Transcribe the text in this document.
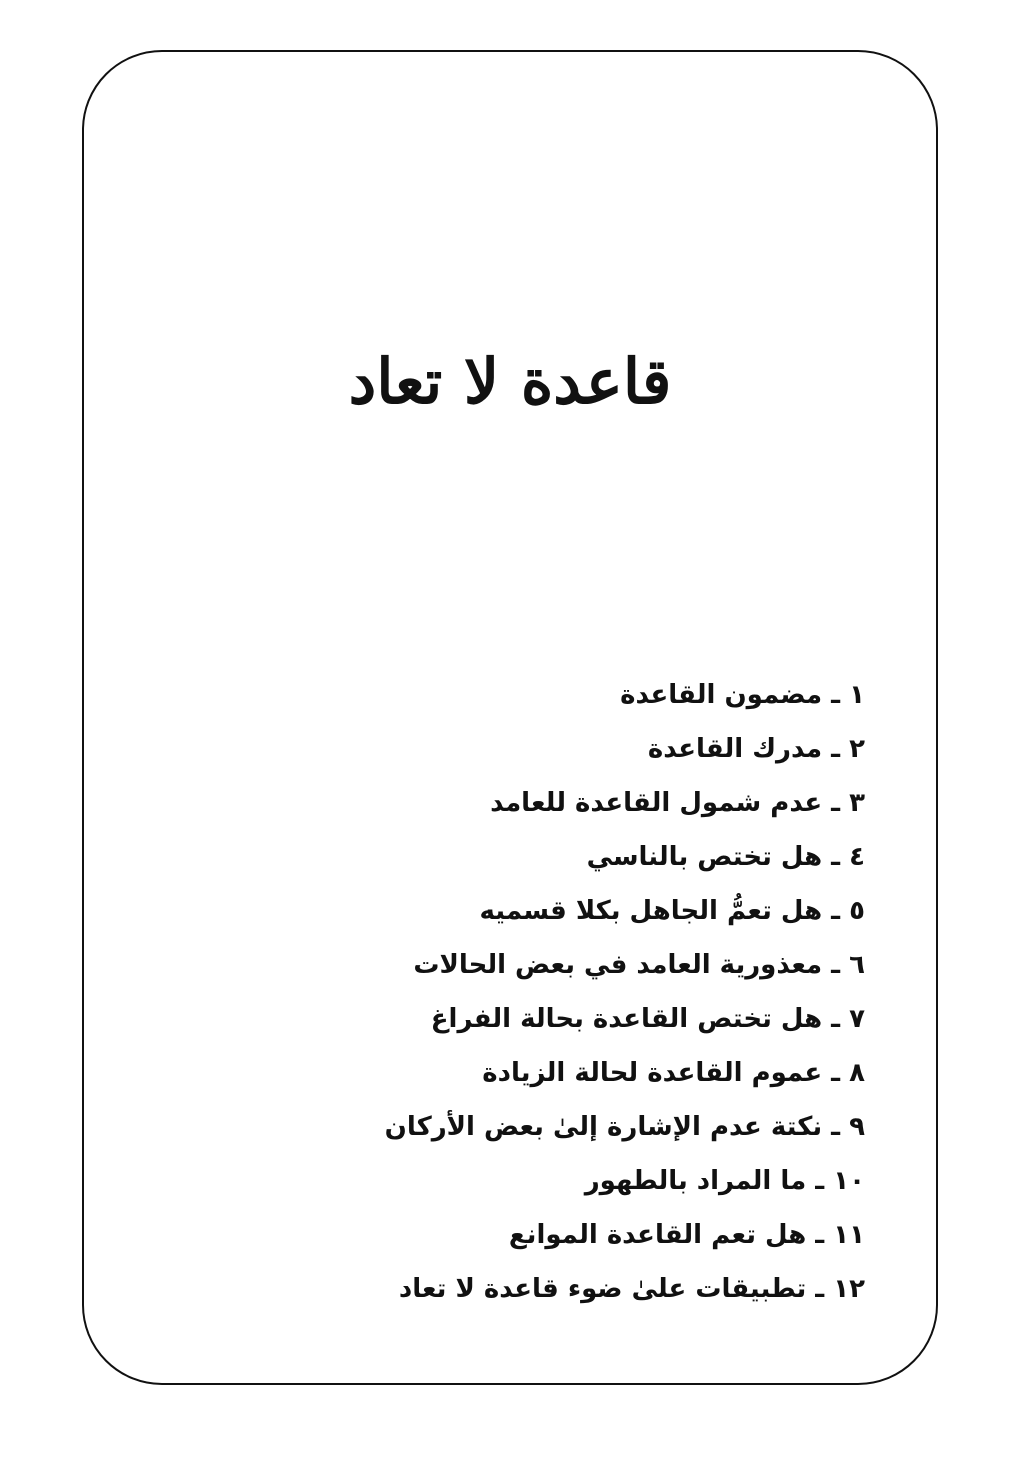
قاعدة لا تعاد
١ ـ مضمون القاعدة
٢ ـ مدرك القاعدة
٣ ـ عدم شمول القاعدة للعامد
٤ ـ هل تختص بالناسي
٥ ـ هل تعمُّ الجاهل بكلا قسميه
٦ ـ معذورية العامد في بعض الحالات
٧ ـ هل تختص القاعدة بحالة الفراغ
٨ ـ عموم القاعدة لحالة الزيادة
٩ ـ نكتة عدم الإشارة إلىٰ بعض الأركان
١٠ ـ ما المراد بالطهور
١١ ـ هل تعم القاعدة الموانع
١٢ ـ تطبيقات علىٰ ضوء قاعدة لا تعاد
